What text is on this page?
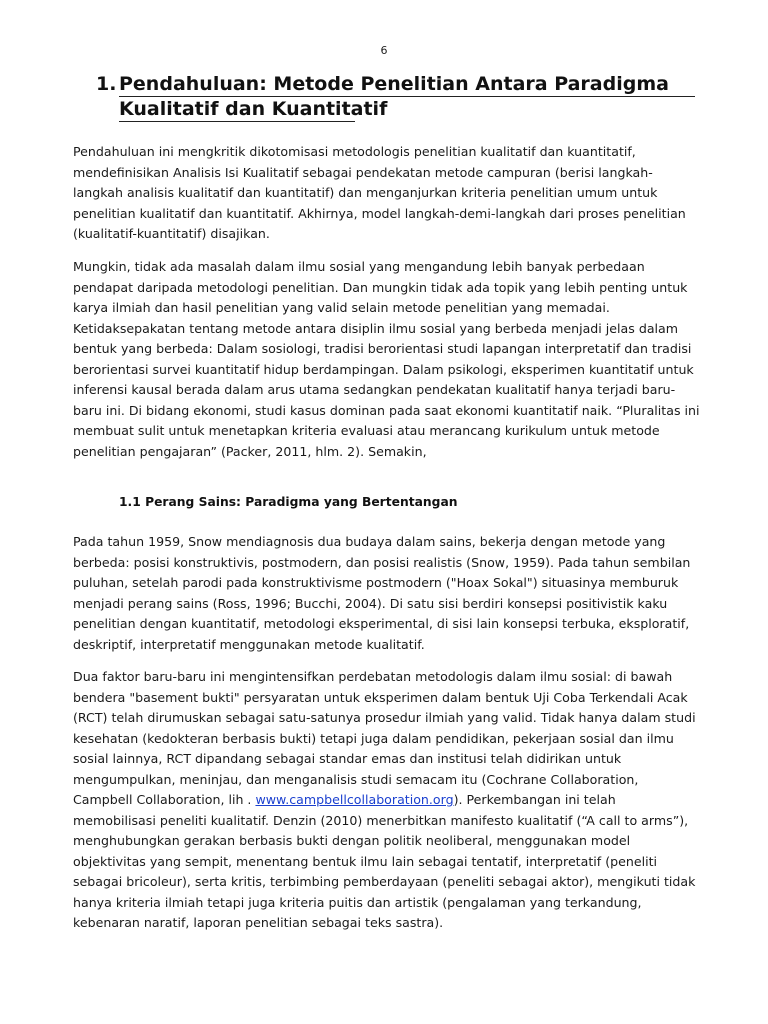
6
1. Pendahuluan: Metode Penelitian Antara Paradigma
Kualitatif dan Kuantitatif

Pendahuluan ini mengkritik dikotomisasi metodologis penelitian kualitatif dan kuantitatif, mendefinisikan Analisis Isi Kualitatif sebagai pendekatan metode campuran (berisi langkah-langkah analisis kualitatif dan kuantitatif) dan menganjurkan kriteria penelitian umum untuk penelitian kualitatif dan kuantitatif. Akhirnya, model langkah-demi-langkah dari proses penelitian (kualitatif-kuantitatif) disajikan.

Mungkin, tidak ada masalah dalam ilmu sosial yang mengandung lebih banyak perbedaan pendapat daripada metodologi penelitian. Dan mungkin tidak ada topik yang lebih penting untuk karya ilmiah dan hasil penelitian yang valid selain metode penelitian yang memadai. Ketidaksepakatan tentang metode antara disiplin ilmu sosial yang berbeda menjadi jelas dalam bentuk yang berbeda: Dalam sosiologi, tradisi berorientasi studi lapangan interpretatif dan tradisi berorientasi survei kuantitatif hidup berdampingan. Dalam psikologi, eksperimen kuantitatif untuk inferensi kausal berada dalam arus utama sedangkan pendekatan kualitatif hanya terjadi baru-baru ini. Di bidang ekonomi, studi kasus dominan pada saat ekonomi kuantitatif naik. “Pluralitas ini membuat sulit untuk menetapkan kriteria evaluasi atau merancang kurikulum untuk metode penelitian pengajaran” (Packer, 2011, hlm. 2). Semakin,

1.1 Perang Sains: Paradigma yang Bertentangan

Pada tahun 1959, Snow mendiagnosis dua budaya dalam sains, bekerja dengan metode yang berbeda: posisi konstruktivis, postmodern, dan posisi realistis (Snow, 1959). Pada tahun sembilan puluhan, setelah parodi pada konstruktivisme postmodern ("Hoax Sokal") situasinya memburuk menjadi perang sains (Ross, 1996; Bucchi, 2004). Di satu sisi berdiri konsepsi positivistik kaku penelitian dengan kuantitatif, metodologi eksperimental, di sisi lain konsepsi terbuka, eksploratif, deskriptif, interpretatif menggunakan metode kualitatif.

Dua faktor baru-baru ini mengintensifkan perdebatan metodologis dalam ilmu sosial: di bawah bendera "basement bukti" persyaratan untuk eksperimen dalam bentuk Uji Coba Terkendali Acak (RCT) telah dirumuskan sebagai satu-satunya prosedur ilmiah yang valid. Tidak hanya dalam studi kesehatan (kedokteran berbasis bukti) tetapi juga dalam pendidikan, pekerjaan sosial dan ilmu sosial lainnya, RCT dipandang sebagai standar emas dan institusi telah didirikan untuk mengumpulkan, meninjau, dan menganalisis studi semacam itu (Cochrane Collaboration, Campbell Collaboration, lih . www.campbellcollaboration.org). Perkembangan ini telah memobilisasi peneliti kualitatif. Denzin (2010) menerbitkan manifesto kualitatif (“A call to arms”), menghubungkan gerakan berbasis bukti dengan politik neoliberal, menggunakan model objektivitas yang sempit, menentang bentuk ilmu lain sebagai tentatif, interpretatif (peneliti sebagai bricoleur), serta kritis, terbimbing pemberdayaan (peneliti sebagai aktor), mengikuti tidak hanya kriteria ilmiah tetapi juga kriteria puitis dan artistik (pengalaman yang terkandung, kebenaran naratif, laporan penelitian sebagai teks sastra).
